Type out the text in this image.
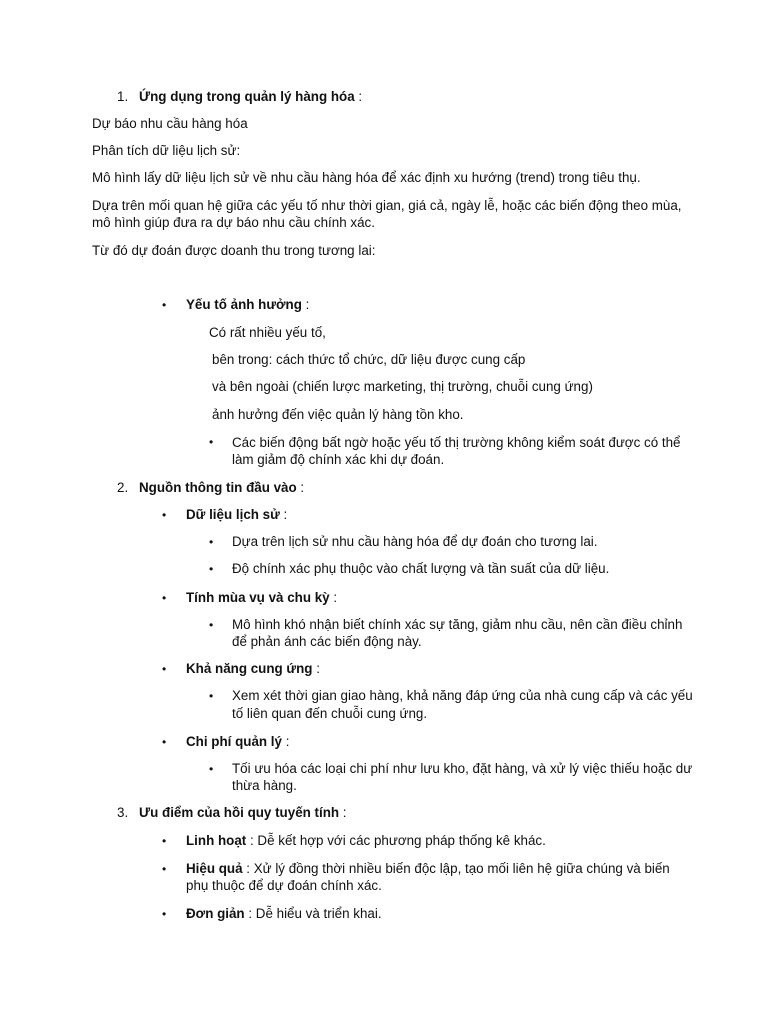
1. Ứng dụng trong quản lý hàng hóa :
Dự báo nhu cầu hàng hóa
Phân tích dữ liệu lịch sử:
Mô hình lấy dữ liệu lịch sử về nhu cầu hàng hóa để xác định xu hướng (trend) trong tiêu thụ.
Dựa trên mối quan hệ giữa các yếu tố như thời gian, giá cả, ngày lễ, hoặc các biến động theo mùa,
mô hình giúp đưa ra dự báo nhu cầu chính xác.
Từ đó dự đoán được doanh thu trong tương lai:
• Yếu tố ảnh hưởng :
Có rất nhiều yếu tố,
bên trong: cách thức tổ chức, dữ liệu được cung cấp
và bên ngoài (chiến lược marketing, thị trường, chuỗi cung ứng)
ảnh hưởng đến việc quản lý hàng tồn kho.
• Các biến động bất ngờ hoặc yếu tố thị trường không kiểm soát được có thể
làm giảm độ chính xác khi dự đoán.
2. Nguồn thông tin đầu vào :
• Dữ liệu lịch sử :
• Dựa trên lịch sử nhu cầu hàng hóa để dự đoán cho tương lai.
• Độ chính xác phụ thuộc vào chất lượng và tần suất của dữ liệu.
• Tính mùa vụ và chu kỳ :
• Mô hình khó nhận biết chính xác sự tăng, giảm nhu cầu, nên cần điều chỉnh
để phản ánh các biến động này.
• Khả năng cung ứng :
• Xem xét thời gian giao hàng, khả năng đáp ứng của nhà cung cấp và các yếu
tố liên quan đến chuỗi cung ứng.
• Chi phí quản lý :
• Tối ưu hóa các loại chi phí như lưu kho, đặt hàng, và xử lý việc thiếu hoặc dư
thừa hàng.
3. Ưu điểm của hồi quy tuyến tính :
• Linh hoạt : Dễ kết hợp với các phương pháp thống kê khác.
• Hiệu quả : Xử lý đồng thời nhiều biến độc lập, tạo mối liên hệ giữa chúng và biến
phụ thuộc để dự đoán chính xác.
• Đơn giản : Dễ hiểu và triển khai.
